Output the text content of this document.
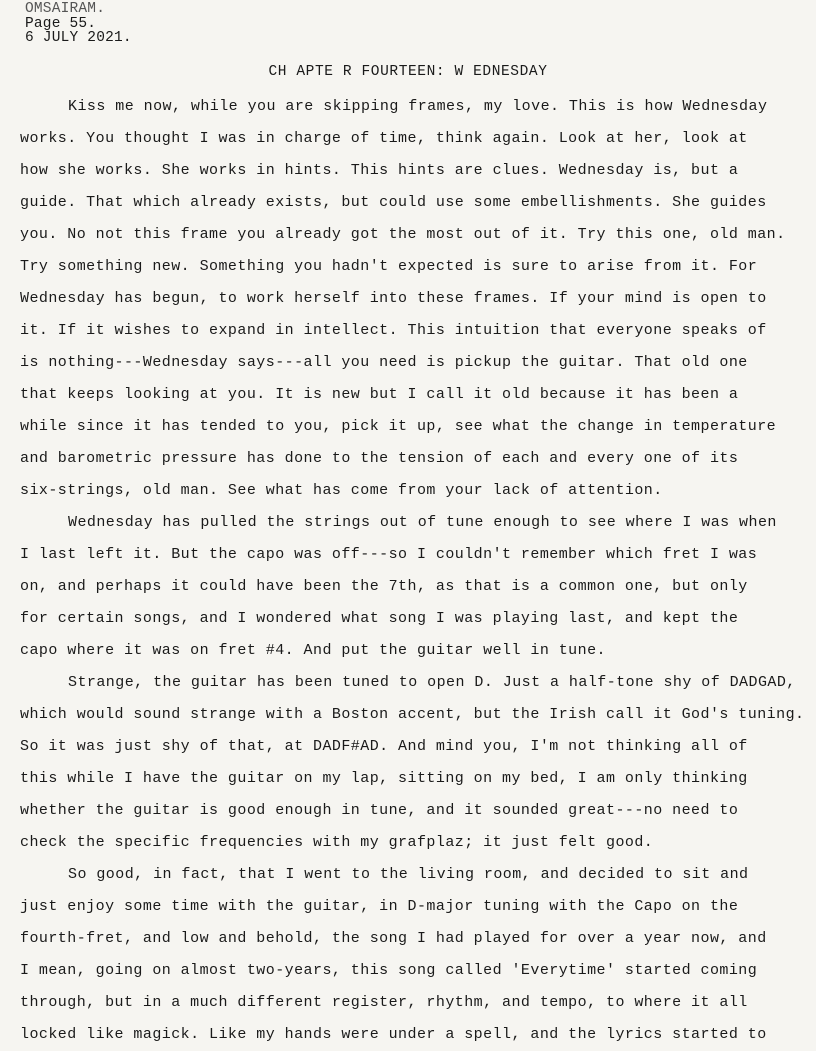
OMSAIRAM.
Page 55.
6 JULY 2021.
CH APTE R FOURTEEN: W EDNESDAY
Kiss me now, while you are skipping frames, my love. This is how Wednesday
works. You thought I was in charge of time, think again. Look at her, look at
how she works. She works in hints. This hints are clues. Wednesday is, but a
guide. That which already exists, but could use some embellishments. She guides
you. No not this frame you already got the most out of it. Try this one, old man.
Try something new. Something you hadn't expected is sure to arise from it. For
Wednesday has begun, to work herself into these frames. If your mind is open to
it. If it wishes to expand in intellect. This intuition that everyone speaks of
is nothing---Wednesday says---all you need is pickup the guitar. That old one
that keeps looking at you. It is new but I call it old because it has been a
while since it has tended to you, pick it up, see what the change in temperature
and barometric pressure has done to the tension of each and every one of its
six-strings, old man. See what has come from your lack of attention.
Wednesday has pulled the strings out of tune enough to see where I was when
I last left it. But the capo was off---so I couldn't remember which fret I was
on, and perhaps it could have been the 7th, as that is a common one, but only
for certain songs, and I wondered what song I was playing last, and kept the
capo where it was on fret #4. And put the guitar well in tune.
Strange, the guitar has been tuned to open D. Just a half-tone shy of DADGAD,
which would sound strange with a Boston accent, but the Irish call it God's tuning.
So it was just shy of that, at DADF#AD. And mind you, I'm not thinking all of
this while I have the guitar on my lap, sitting on my bed, I am only thinking
whether the guitar is good enough in tune, and it sounded great---no need to
check the specific frequencies with my grafplaz; it just felt good.
So good, in fact, that I went to the living room, and decided to sit and
just enjoy some time with the guitar, in D-major tuning with the Capo on the
fourth-fret, and low and behold, the song I had played for over a year now, and
I mean, going on almost two-years, this song called 'Everytime' started coming
through, but in a much different register, rhythm, and tempo, to where it all
locked like magick. Like my hands were under a spell, and the lyrics started to
